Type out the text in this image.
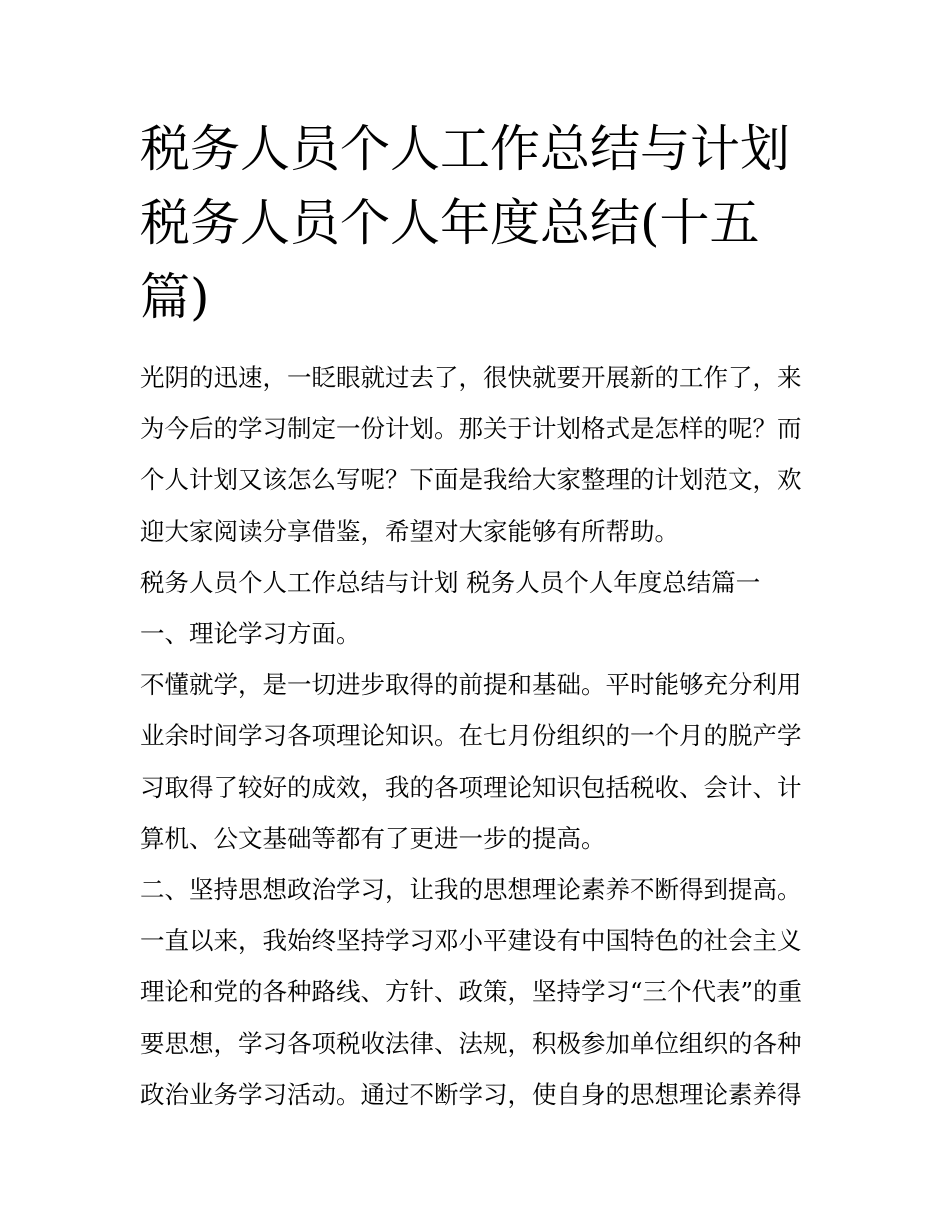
税务人员个人工作总结与计划
税务人员个人年度总结(十五
篇)

光阴的迅速，一眨眼就过去了，很快就要开展新的工作了，来
为今后的学习制定一份计划。那关于计划格式是怎样的呢？而
个人计划又该怎么写呢？下面是我给大家整理的计划范文，欢
迎大家阅读分享借鉴，希望对大家能够有所帮助。

税务人员个人工作总结与计划 税务人员个人年度总结篇一

一、理论学习方面。

不懂就学，是一切进步取得的前提和基础。平时能够充分利用
业余时间学习各项理论知识。在七月份组织的一个月的脱产学
习取得了较好的成效，我的各项理论知识包括税收、会计、计
算机、公文基础等都有了更进一步的提高。

二、坚持思想政治学习，让我的思想理论素养不断得到提高。

一直以来，我始终坚持学习邓小平建设有中国特色的社会主义
理论和党的各种路线、方针、政策，坚持学习“三个代表”的重
要思想，学习各项税收法律、法规，积极参加单位组织的各种
政治业务学习活动。通过不断学习，使自身的思想理论素养得
